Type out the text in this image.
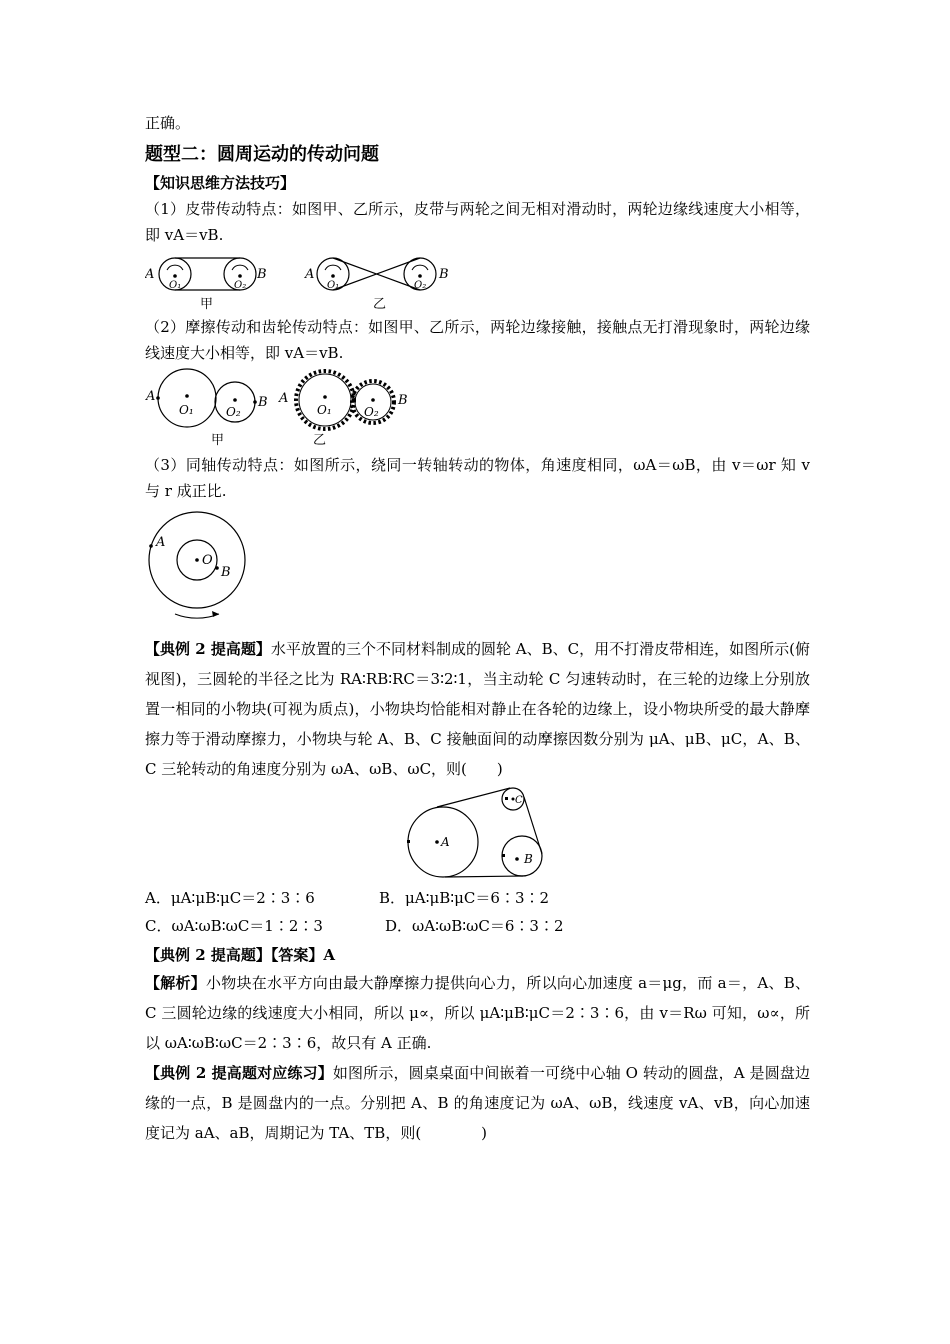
正确。
题型二：圆周运动的传动问题
【知识思维方法技巧】
（1）皮带传动特点：如图甲、乙所示，皮带与两轮之间无相对滑动时，两轮边缘线速度大小相等，即 vA＝vB.
A	B
O₁	O₂
甲
A	B
O₁	O₂
乙
（2）摩擦传动和齿轮传动特点：如图甲、乙所示，两轮边缘接触，接触点无打滑现象时，两轮边缘线速度大小相等，即 vA＝vB.
A	B
O₁	O₂
甲
A	B
O₁	O₂
乙
（3）同轴传动特点：如图所示，绕同一转轴转动的物体，角速度相同，ωA＝ωB，由 v＝ωr 知 v 与 r 成正比.
A
O
B
【典例 2 提高题】水平放置的三个不同材料制成的圆轮 A、B、C，用不打滑皮带相连，如图所示(俯视图)，三圆轮的半径之比为 RA∶RB∶RC＝3∶2∶1，当主动轮 C 匀速转动时，在三轮的边缘上分别放置一相同的小物块(可视为质点)，小物块均恰能相对静止在各轮的边缘上，设小物块所受的最大静摩擦力等于滑动摩擦力，小物块与轮 A、B、C 接触面间的动摩擦因数分别为 μA、μB、μC，A、B、C 三轮转动的角速度分别为 ωA、ωB、ωC，则(　　)
A
B
C
A．μA∶μB∶μC＝2∶3∶6	B．μA∶μB∶μC＝6∶3∶2
C．ωA∶ωB∶ωC＝1∶2∶3	D．ωA∶ωB∶ωC＝6∶3∶2
【典例 2 提高题】【答案】A
【解析】小物块在水平方向由最大静摩擦力提供向心力，所以向心加速度 a＝μg，而 a＝，A、B、C 三圆轮边缘的线速度大小相同，所以 μ∝，所以 μA∶μB∶μC＝2∶3∶6，由 v＝Rω 可知，ω∝，所以 ωA∶ωB∶ωC＝2∶3∶6，故只有 A 正确.
【典例 2 提高题对应练习】如图所示，圆桌桌面中间嵌着一可绕中心轴 O 转动的圆盘，A 是圆盘边缘的一点，B 是圆盘内的一点。分别把 A、B 的角速度记为 ωA、ωB，线速度 vA、vB，向心加速度记为 aA、aB，周期记为 TA、TB，则(　　　　)
